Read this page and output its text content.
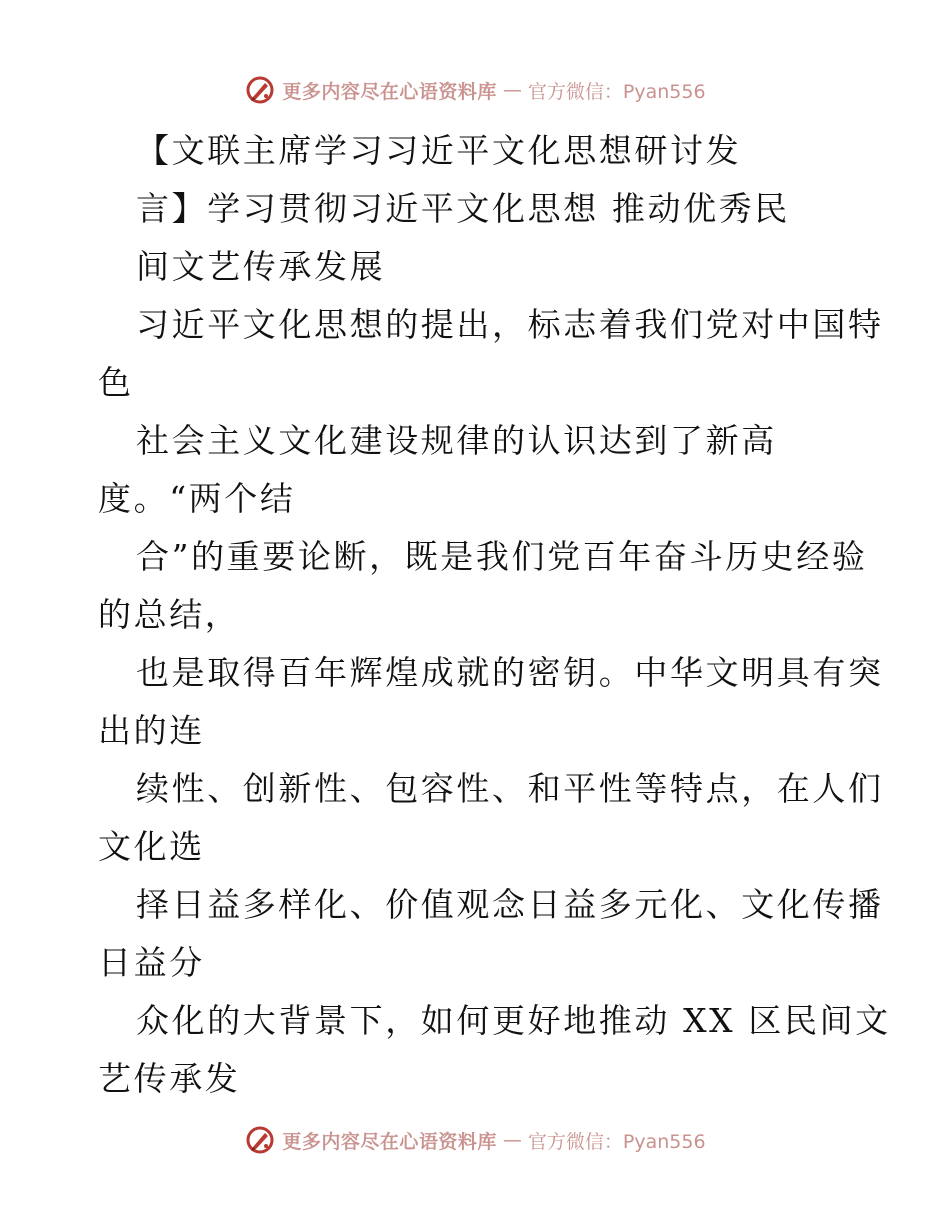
更多内容尽在心语资料库 — 官方微信：Pyan556
【文联主席学习习近平文化思想研讨发
言】学习贯彻习近平文化思想 推动优秀民
间文艺传承发展
习近平文化思想的提出，标志着我们党对中国特
色
社会主义文化建设规律的认识达到了新高
度。“两个结
合”的重要论断，既是我们党百年奋斗历史经验
的总结，
也是取得百年辉煌成就的密钥。中华文明具有突
出的连
续性、创新性、包容性、和平性等特点，在人们
文化选
择日益多样化、价值观念日益多元化、文化传播
日益分
众化的大背景下，如何更好地推动 XX 区民间文
艺传承发
更多内容尽在心语资料库 — 官方微信：Pyan556
